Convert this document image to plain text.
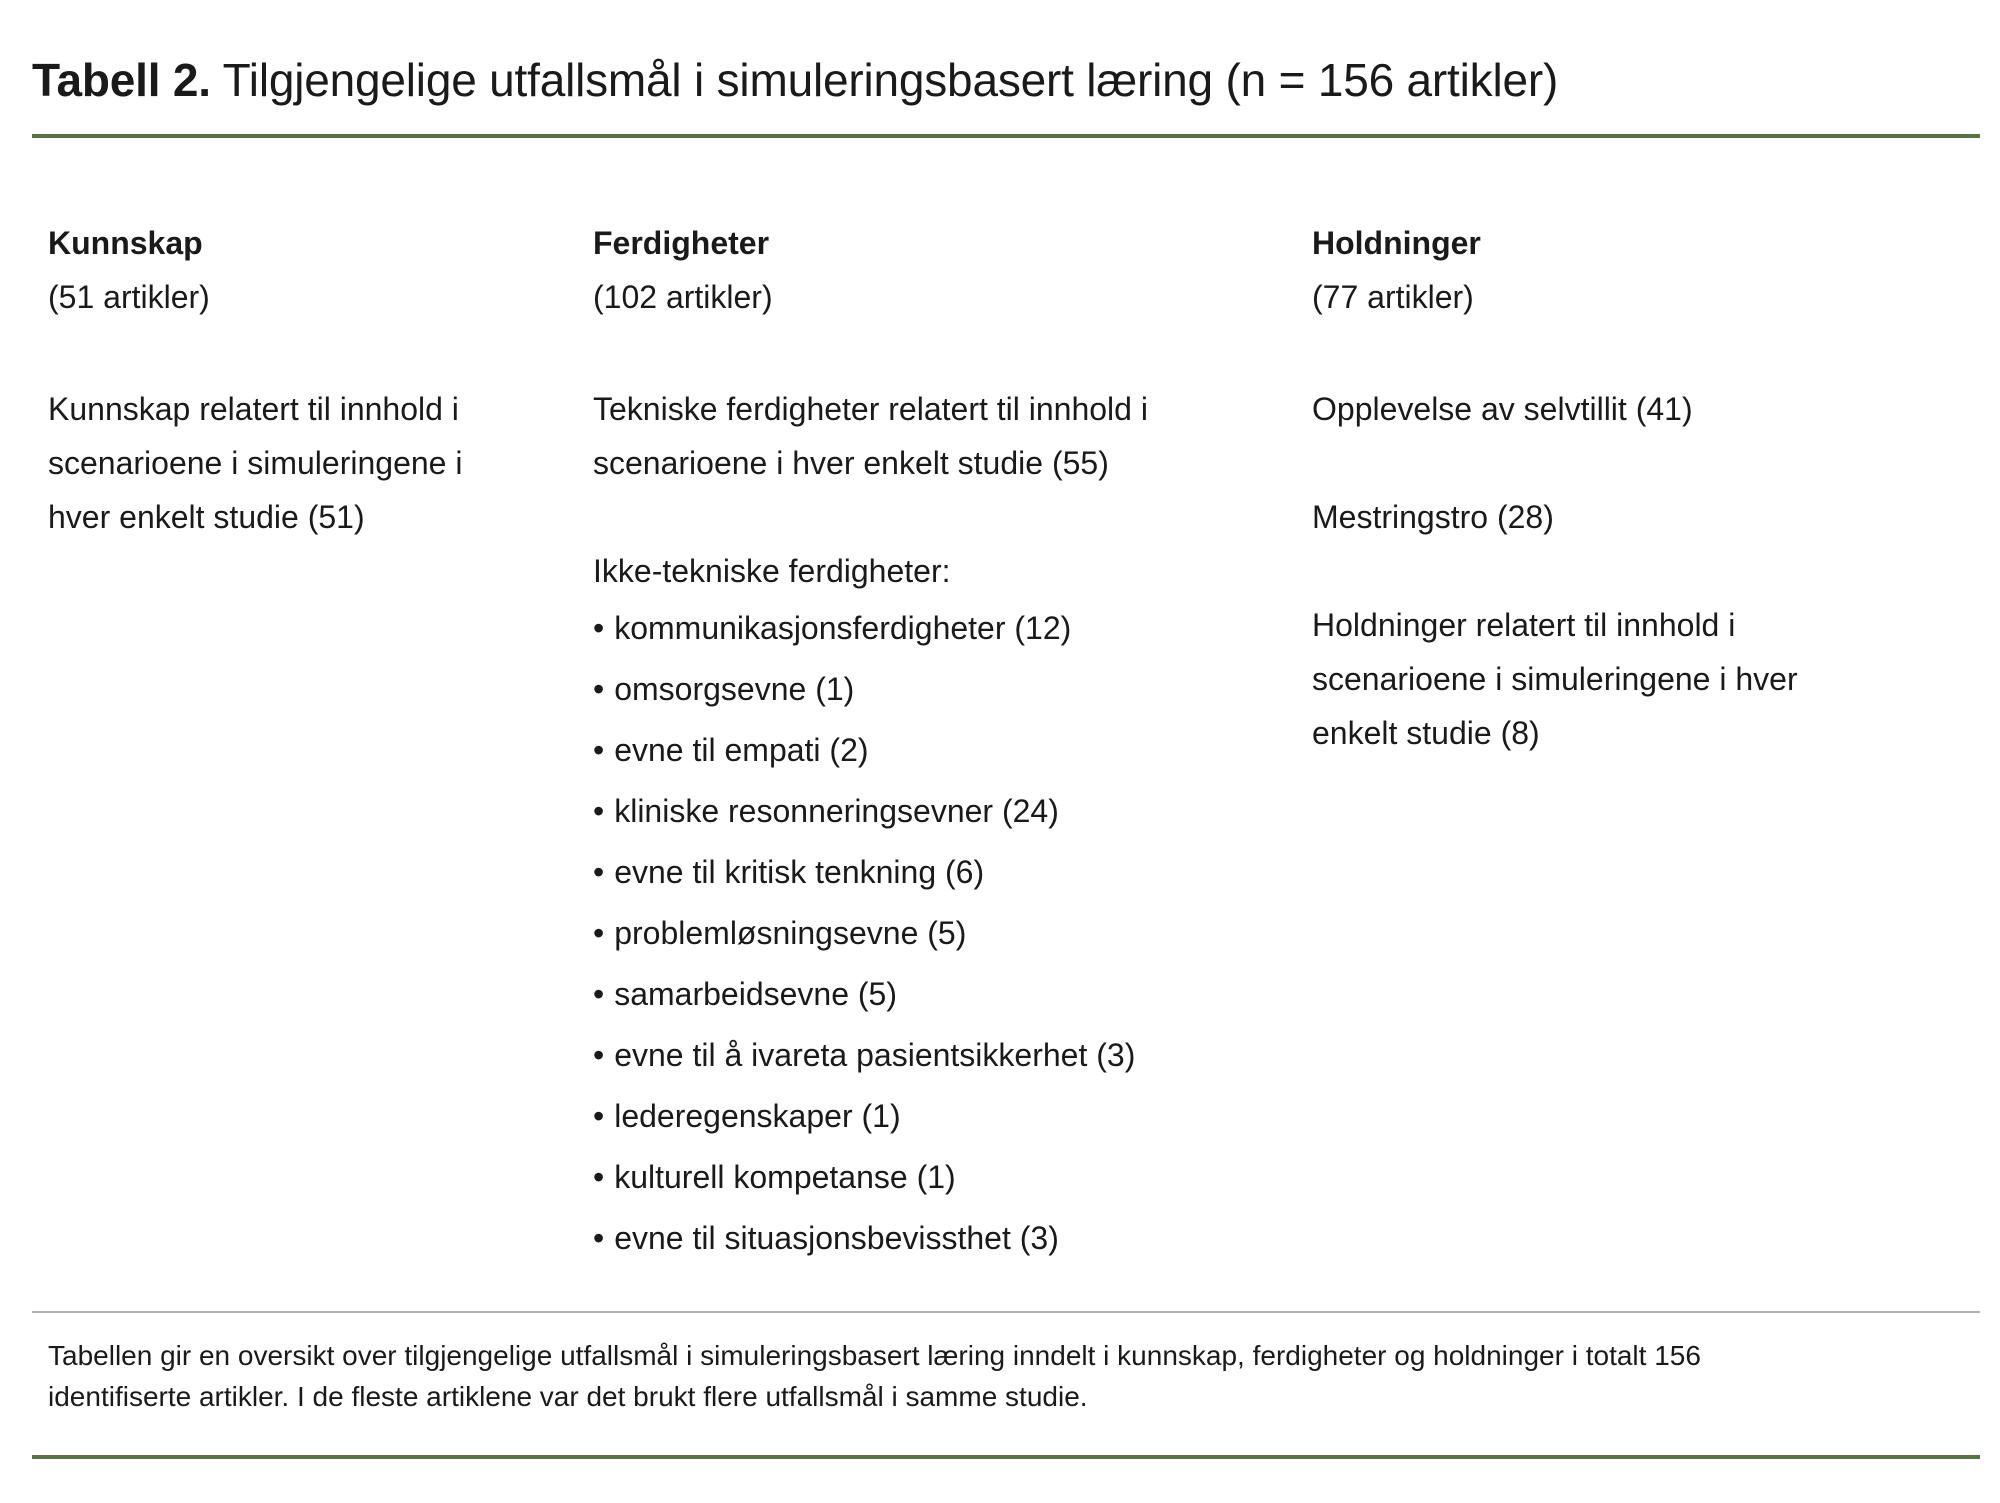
Tabell 2. Tilgjengelige utfallsmål i simuleringsbasert læring (n = 156 artikler)
Kunnskap
(51 artikler)

Kunnskap relatert til innhold i

scenarioene i simuleringene i

hver enkelt studie (51)

Ferdigheter
(102 artikler)

Tekniske ferdigheter relatert til innhold i

scenarioene i hver enkelt studie (55)

Ikke-tekniske ferdigheter:

• kommunikasjonsferdigheter (12)
• omsorgsevne (1)
• evne til empati (2)
• kliniske resonneringsevner (24)
• evne til kritisk tenkning (6)
• problemløsningsevne (5)
• samarbeidsevne (5)
• evne til å ivareta pasientsikkerhet (3)
• lederegenskaper (1)
• kulturell kompetanse (1)
• evne til situasjonsbevissthet (3)
Holdninger
(77 artikler)

Opplevelse av selvtillit (41)

Mestringstro (28)

Holdninger relatert til innhold i

scenarioene i simuleringene i hver

enkelt studie (8)

Tabellen gir en oversikt over tilgjengelige utfallsmål i simuleringsbasert læring inndelt i kunnskap, ferdigheter og holdninger i totalt 156
identifiserte artikler. I de fleste artiklene var det brukt flere utfallsmål i samme studie.
